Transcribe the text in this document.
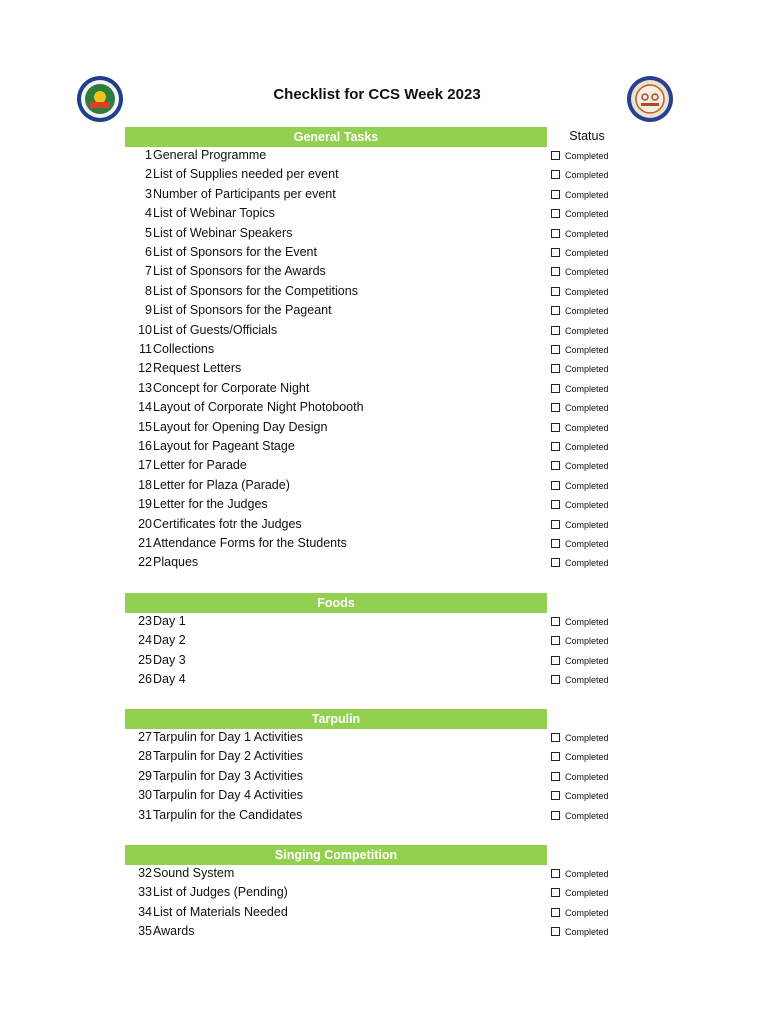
Checklist for CCS Week 2023
Status
General Tasks
1 General Programme	Completed
2 List of Supplies needed per event	Completed
3 Number of Participants per event	Completed
4 List of Webinar Topics	Completed
5 List of Webinar Speakers	Completed
6 List of Sponsors for the Event	Completed
7 List of Sponsors for the Awards	Completed
8 List of Sponsors for the Competitions	Completed
9 List of Sponsors for the Pageant	Completed
10 List of Guests/Officials	Completed
11 Collections	Completed
12 Request Letters	Completed
13 Concept for Corporate Night	Completed
14 Layout of Corporate Night Photobooth	Completed
15 Layout for Opening Day Design	Completed
16 Layout for Pageant Stage	Completed
17 Letter for Parade	Completed
18 Letter for Plaza (Parade)	Completed
19 Letter for the Judges	Completed
20 Certificates fotr the Judges	Completed
21 Attendance Forms for the Students	Completed
22 Plaques	Completed
Foods
23 Day 1	Completed
24 Day 2	Completed
25 Day 3	Completed
26 Day 4	Completed
Tarpulin
27 Tarpulin for Day 1 Activities	Completed
28 Tarpulin for Day 2 Activities	Completed
29 Tarpulin for Day 3 Activities	Completed
30 Tarpulin for Day 4 Activities	Completed
31 Tarpulin for the Candidates	Completed
Singing Competition
32 Sound System	Completed
33 List of Judges (Pending)	Completed
34 List of Materials Needed	Completed
35 Awards	Completed
